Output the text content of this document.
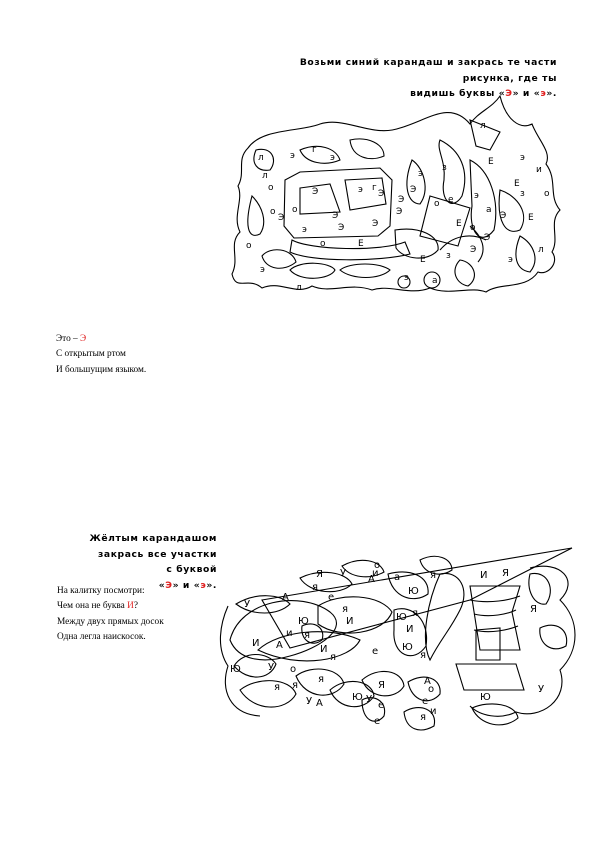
Возьми синий карандаш и закрась те части
рисунка, где ты
видишь буквы «Э» и «э».
л	э
г
э
о
л
Э	э Э
о
л
Э
Е
г
о
Э
э	Э	Э
Э
Э
э
з
Е
о е
Е
э
а
Э
о
Э
з
э
и
о
Е
л
з
Е
э	а
э
л
о
Э
о	Е
Э
э
Это – Э
С открытым ртом
И большущим языком.
Жёлтым карандашом
закрась все участки
с буквой
«Э» и «э».
На калитку посмотри:
Чем она не буква И?
Между двух прямых досок
Одна легла наискосок.
Я
я
У
А
У	я
о
Ю
и а
А	И Я
е
я
И
и
Ю
А
И
И
я
я
е Ю
Ю
И
я
я
У
я я
Ю	о
Ю
Я
У
я
А
А
У
о
е
е
и
е	я
Я
Ю
У
